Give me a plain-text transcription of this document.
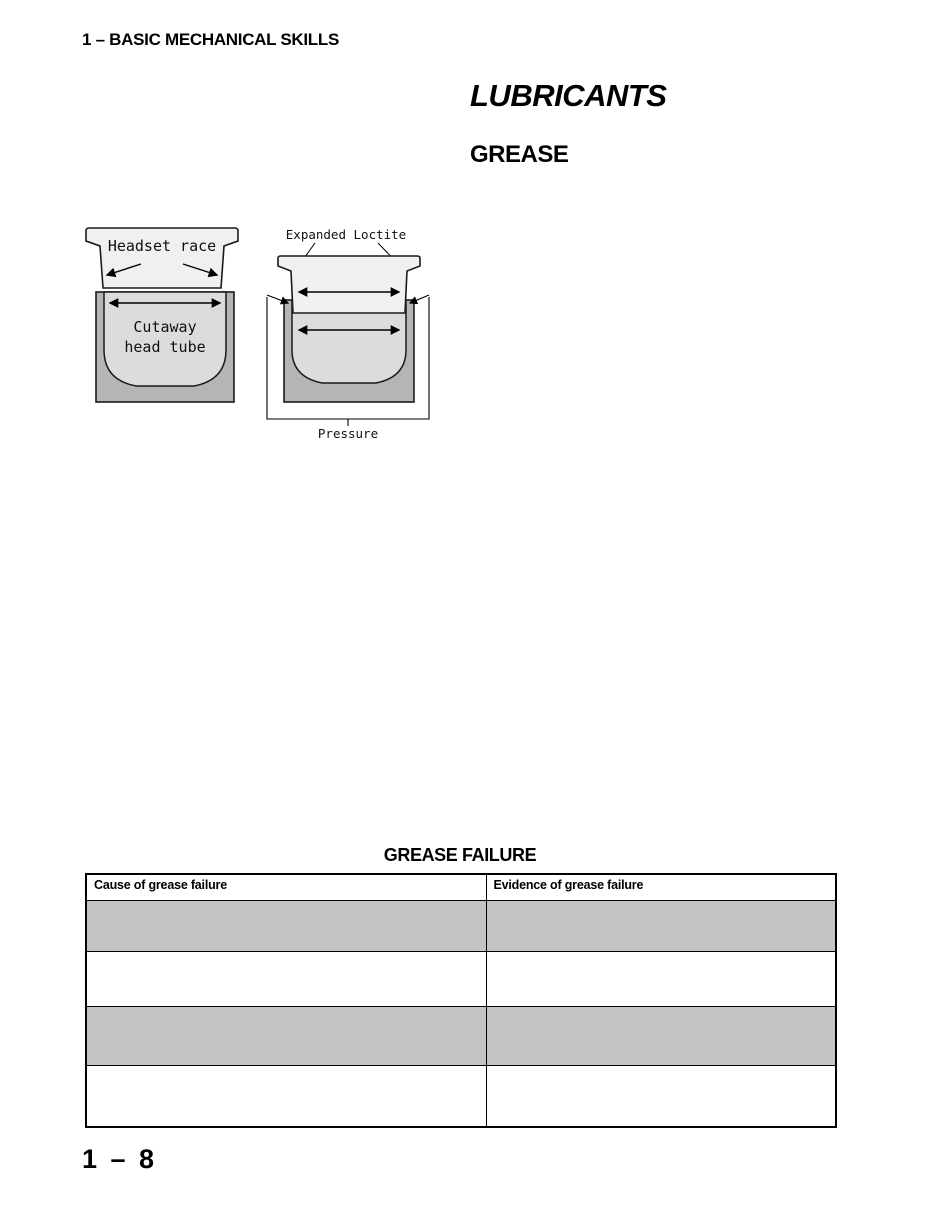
1 – BASIC MECHANICAL SKILLS
LUBRICANTS
GREASE
Headset race
Cutaway
head tube
Expanded Loctite
Pressure
GREASE FAILURE
Cause of grease failure	Evidence of grease failure

1 – 8
